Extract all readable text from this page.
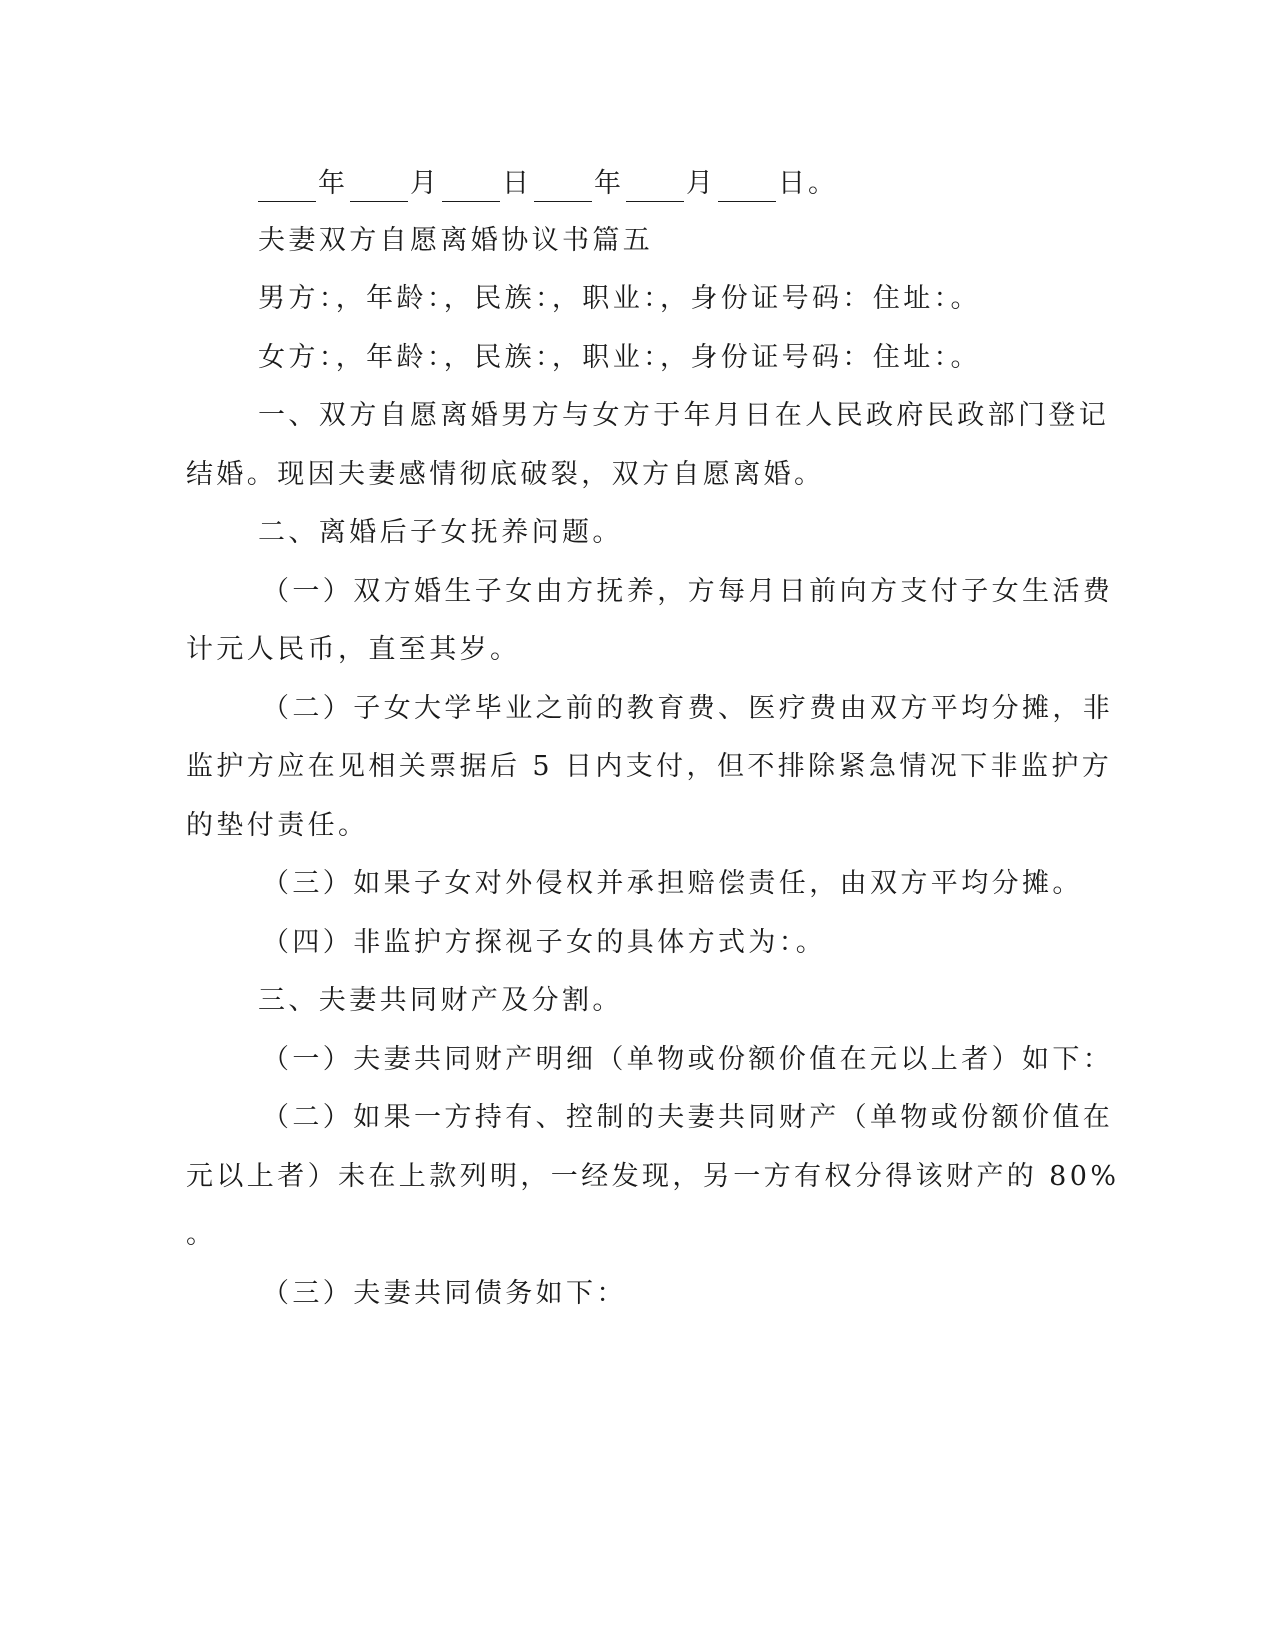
年 月 日 年 月 日。
夫妻双方自愿离婚协议书篇五
男方：，年龄：，民族：，职业：，身份证号码：住址：。
女方：，年龄：，民族：，职业：，身份证号码：住址：。
一、双方自愿离婚男方与女方于年月日在人民政府民政部门登记
结婚。现因夫妻感情彻底破裂，双方自愿离婚。
二、离婚后子女抚养问题。
（一）双方婚生子女由方抚养，方每月日前向方支付子女生活费
计元人民币，直至其岁。
（二）子女大学毕业之前的教育费、医疗费由双方平均分摊，非
监护方应在见相关票据后 5 日内支付，但不排除紧急情况下非监护方
的垫付责任。
（三）如果子女对外侵权并承担赔偿责任，由双方平均分摊。
（四）非监护方探视子女的具体方式为：。
三、夫妻共同财产及分割。
（一）夫妻共同财产明细（单物或份额价值在元以上者）如下：
（二）如果一方持有、控制的夫妻共同财产（单物或份额价值在
元以上者）未在上款列明，一经发现，另一方有权分得该财产的 80%
。
（三）夫妻共同债务如下：
